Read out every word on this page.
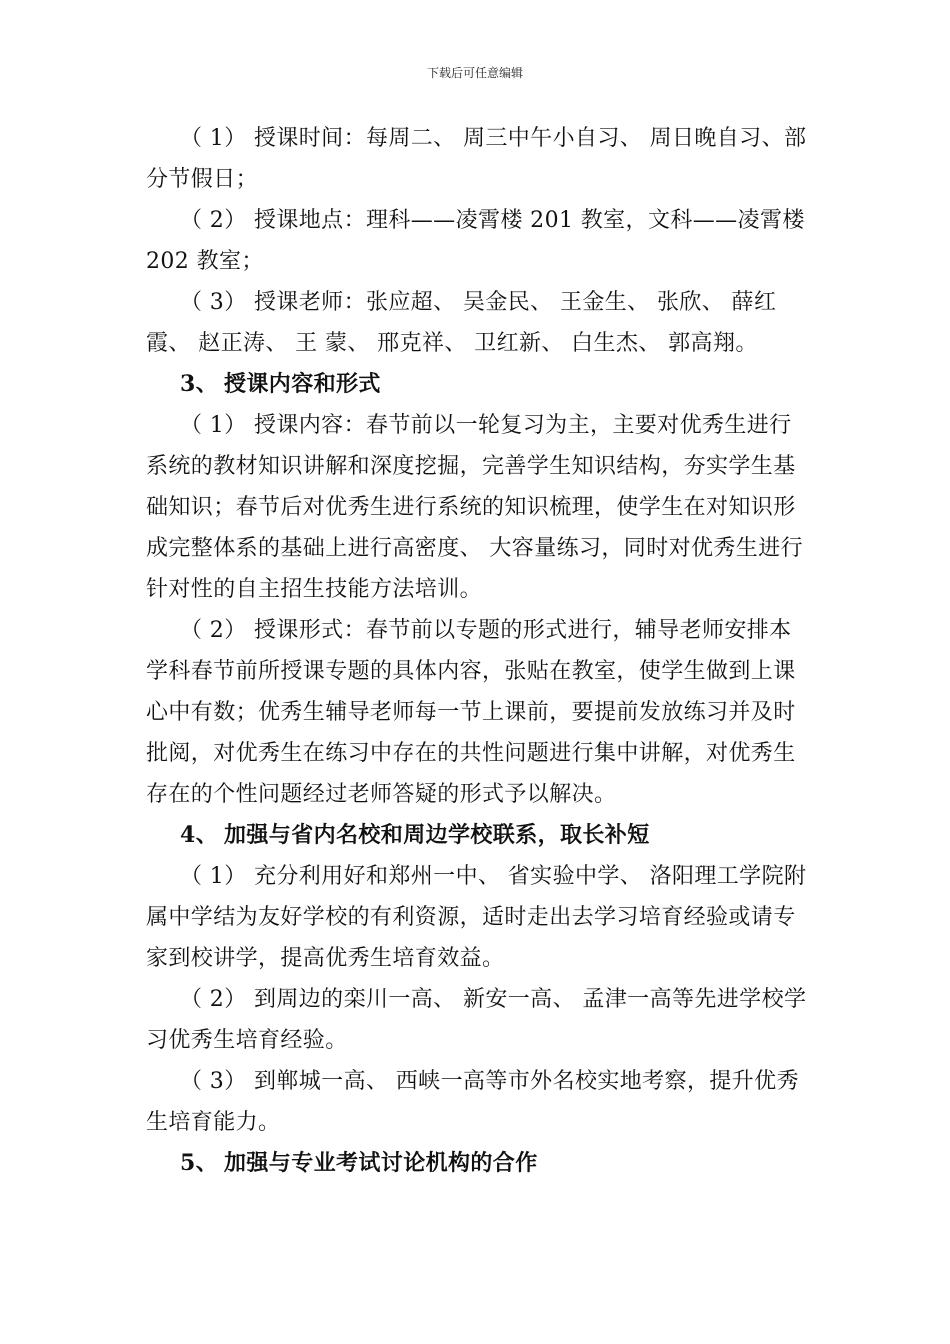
下载后可任意编辑

（ 1） 授课时间：每周二、 周三中午小自习、 周日晚自习、部分节假日；

（ 2） 授课地点：理科——凌霄楼 201 教室，文科——凌霄楼 202 教室；

（ 3） 授课老师：张应超、 吴金民、 王金生、 张欣、 薛红霞、 赵正涛、 王 蒙、 邢克祥、 卫红新、 白生杰、 郭高翔。

3、 授课内容和形式

（ 1） 授课内容：春节前以一轮复习为主，主要对优秀生进行系统的教材知识讲解和深度挖掘，完善学生知识结构，夯实学生基础知识；春节后对优秀生进行系统的知识梳理，使学生在对知识形成完整体系的基础上进行高密度、 大容量练习，同时对优秀生进行针对性的自主招生技能方法培训。

（ 2） 授课形式：春节前以专题的形式进行，辅导老师安排本学科春节前所授课专题的具体内容，张贴在教室，使学生做到上课心中有数；优秀生辅导老师每一节上课前，要提前发放练习并及时批阅，对优秀生在练习中存在的共性问题进行集中讲解，对优秀生存在的个性问题经过老师答疑的形式予以解决。

4、 加强与省内名校和周边学校联系，取长补短

（ 1） 充分利用好和郑州一中、 省实验中学、 洛阳理工学院附属中学结为友好学校的有利资源，适时走出去学习培育经验或请专家到校讲学，提高优秀生培育效益。

（ 2） 到周边的栾川一高、 新安一高、 孟津一高等先进学校学习优秀生培育经验。

（ 3） 到郸城一高、 西峡一高等市外名校实地考察，提升优秀生培育能力。

5、 加强与专业考试讨论机构的合作
